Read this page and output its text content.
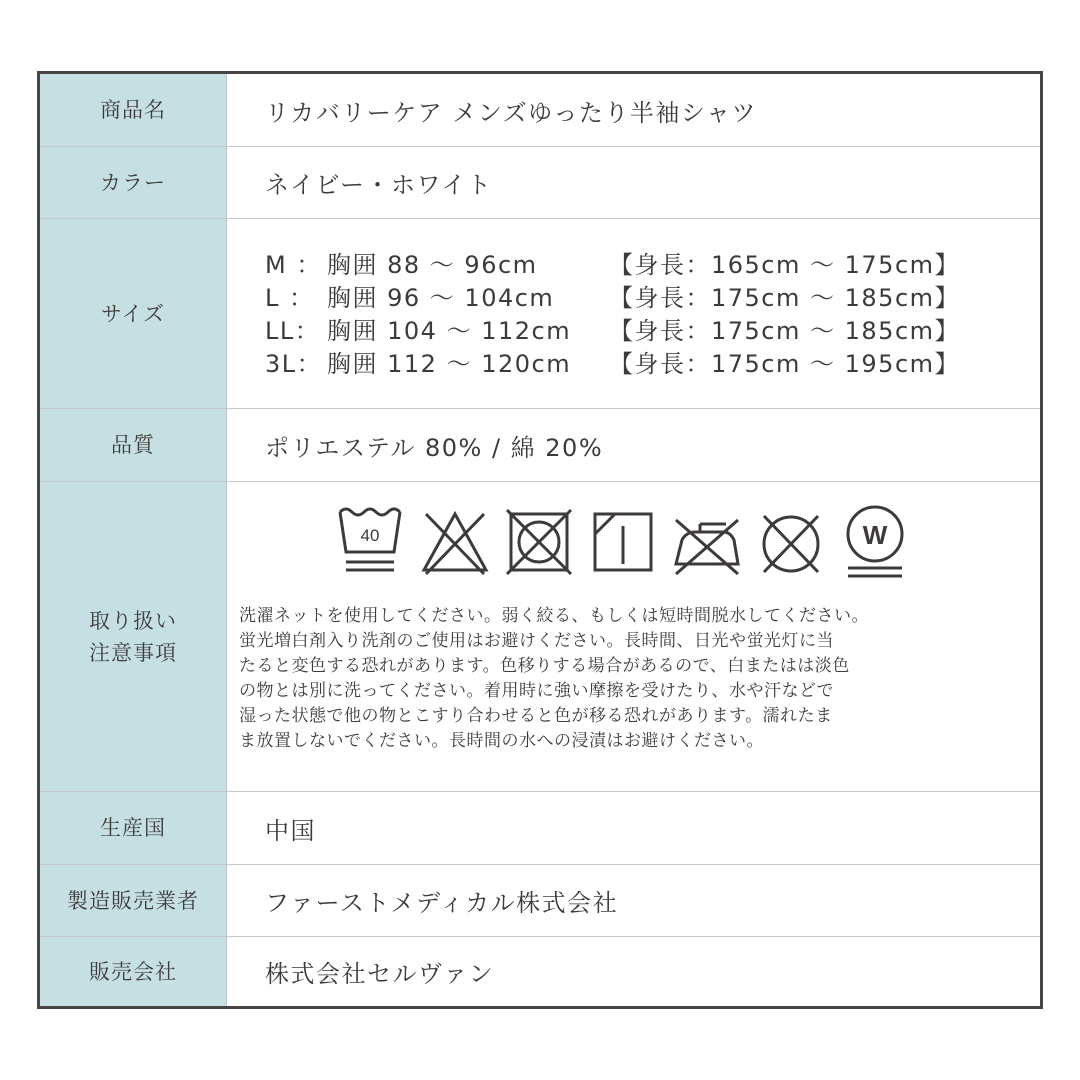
商品名	リカバリーケア メンズゆったり半袖シャツ
カラー	ネイビー・ホワイト
サイズ
M ： 胸囲 88 ～ 96cm	【身長：165cm ～ 175cm】
L ： 胸囲 96 ～ 104cm	【身長：175cm ～ 185cm】
LL： 胸囲 104 ～ 112cm	【身長：175cm ～ 185cm】
3L： 胸囲 112 ～ 120cm	【身長：175cm ～ 195cm】
品質	ポリエステル 80% / 綿 20%
取り扱い
注意事項
40	W
洗濯ネットを使用してください。弱く絞る、もしくは短時間脱水してください。
蛍光増白剤入り洗剤のご使用はお避けください。長時間、日光や蛍光灯に当
たると変色する恐れがあります。色移りする場合があるので、白またはは淡色
の物とは別に洗ってください。着用時に強い摩擦を受けたり、水や汗などで
湿った状態で他の物とこすり合わせると色が移る恐れがあります。濡れたま
ま放置しないでください。長時間の水への浸漬はお避けください。
生産国	中国
製造販売業者	ファーストメディカル株式会社
販売会社	株式会社セルヴァン
